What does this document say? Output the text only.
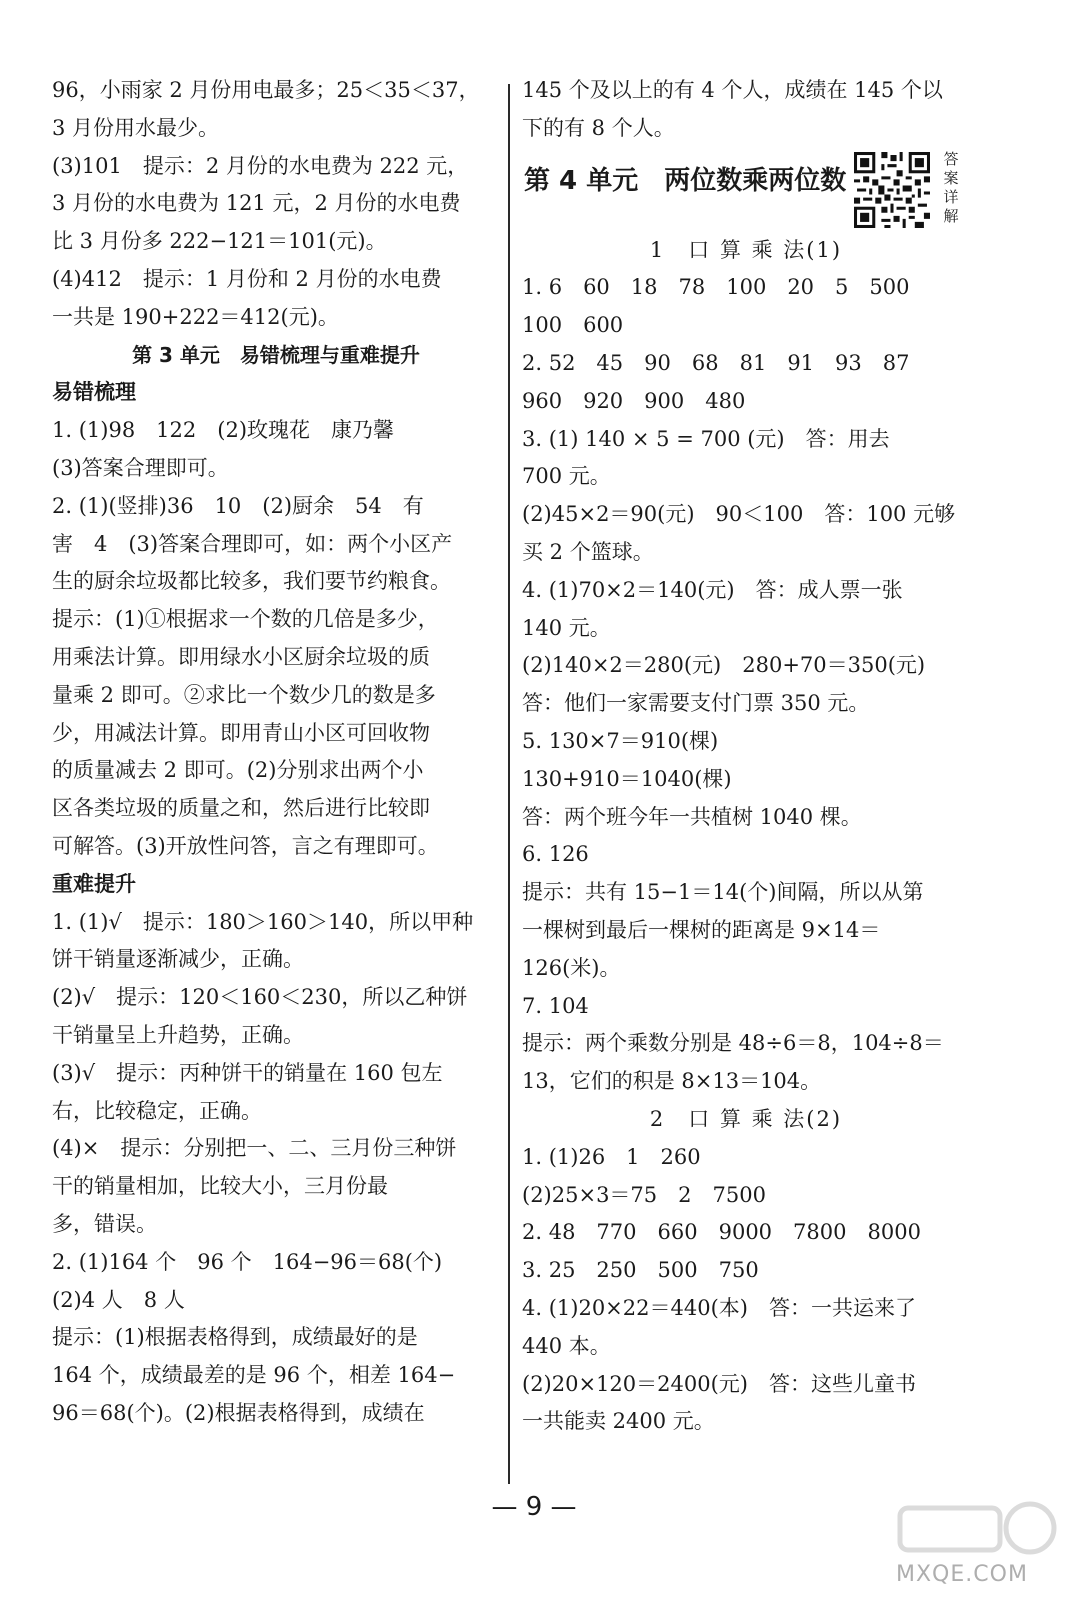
96，小雨家 2 月份用电最多；25＜35＜37，
3 月份用水最少。
(3)101　提示：2 月份的水电费为 222 元，
3 月份的水电费为 121 元，2 月份的水电费
比 3 月份多 222−121＝101(元)。
(4)412　提示：1 月份和 2 月份的水电费
一共是 190+222＝412(元)。
第 3 单元　易错梳理与重难提升
易错梳理
1. (1)98　122　(2)玫瑰花　康乃馨
(3)答案合理即可。
2. (1)(竖排)36　10　(2)厨余　54　有
害　4　(3)答案合理即可，如：两个小区产
生的厨余垃圾都比较多，我们要节约粮食。
提示：(1)①根据求一个数的几倍是多少，
用乘法计算。即用绿水小区厨余垃圾的质
量乘 2 即可。②求比一个数少几的数是多
少，用减法计算。即用青山小区可回收物
的质量减去 2 即可。(2)分别求出两个小
区各类垃圾的质量之和，然后进行比较即
可解答。(3)开放性问答，言之有理即可。
重难提升
1. (1)√　提示：180＞160＞140，所以甲种
饼干销量逐渐减少，正确。
(2)√　提示：120＜160＜230，所以乙种饼
干销量呈上升趋势，正确。
(3)√　提示：丙种饼干的销量在 160 包左
右，比较稳定，正确。
(4)×　提示：分别把一、二、三月份三种饼
干的销量相加，比较大小，三月份最
多，错误。
2. (1)164 个　96 个　164−96＝68(个)
(2)4 人　8 人
提示：(1)根据表格得到，成绩最好的是
164 个，成绩最差的是 96 个，相差 164−
96＝68(个)。(2)根据表格得到，成绩在
145 个及以上的有 4 个人，成绩在 145 个以
下的有 8 个人。
第 4 单元　两位数乘两位数
答案详解
1　口 算 乘 法(1)
1. 6　60　18　78　100　20　5　500
100　600
2. 52　45　90　68　81　91　93　87
960　920　900　480
3. (1) 140 × 5 = 700 (元)　答：用去
700 元。
(2)45×2＝90(元)　90＜100　答：100 元够
买 2 个篮球。
4. (1)70×2＝140(元)　答：成人票一张
140 元。
(2)140×2＝280(元)　280+70＝350(元)
答：他们一家需要支付门票 350 元。
5. 130×7＝910(棵)
130+910＝1040(棵)
答：两个班今年一共植树 1040 棵。
6. 126
提示：共有 15−1＝14(个)间隔，所以从第
一棵树到最后一棵树的距离是 9×14＝
126(米)。
7. 104
提示：两个乘数分别是 48÷6＝8，104÷8＝
13，它们的积是 8×13＝104。
2　口 算 乘 法(2)
1. (1)26　1　260
(2)25×3＝75　2　7500
2. 48　770　660　9000　7800　8000
3. 25　250　500　750
4. (1)20×22＝440(本)　答：一共运来了
440 本。
(2)20×120＝2400(元)　答：这些儿童书
一共能卖 2400 元。
— 9 —
MXQE.COM
